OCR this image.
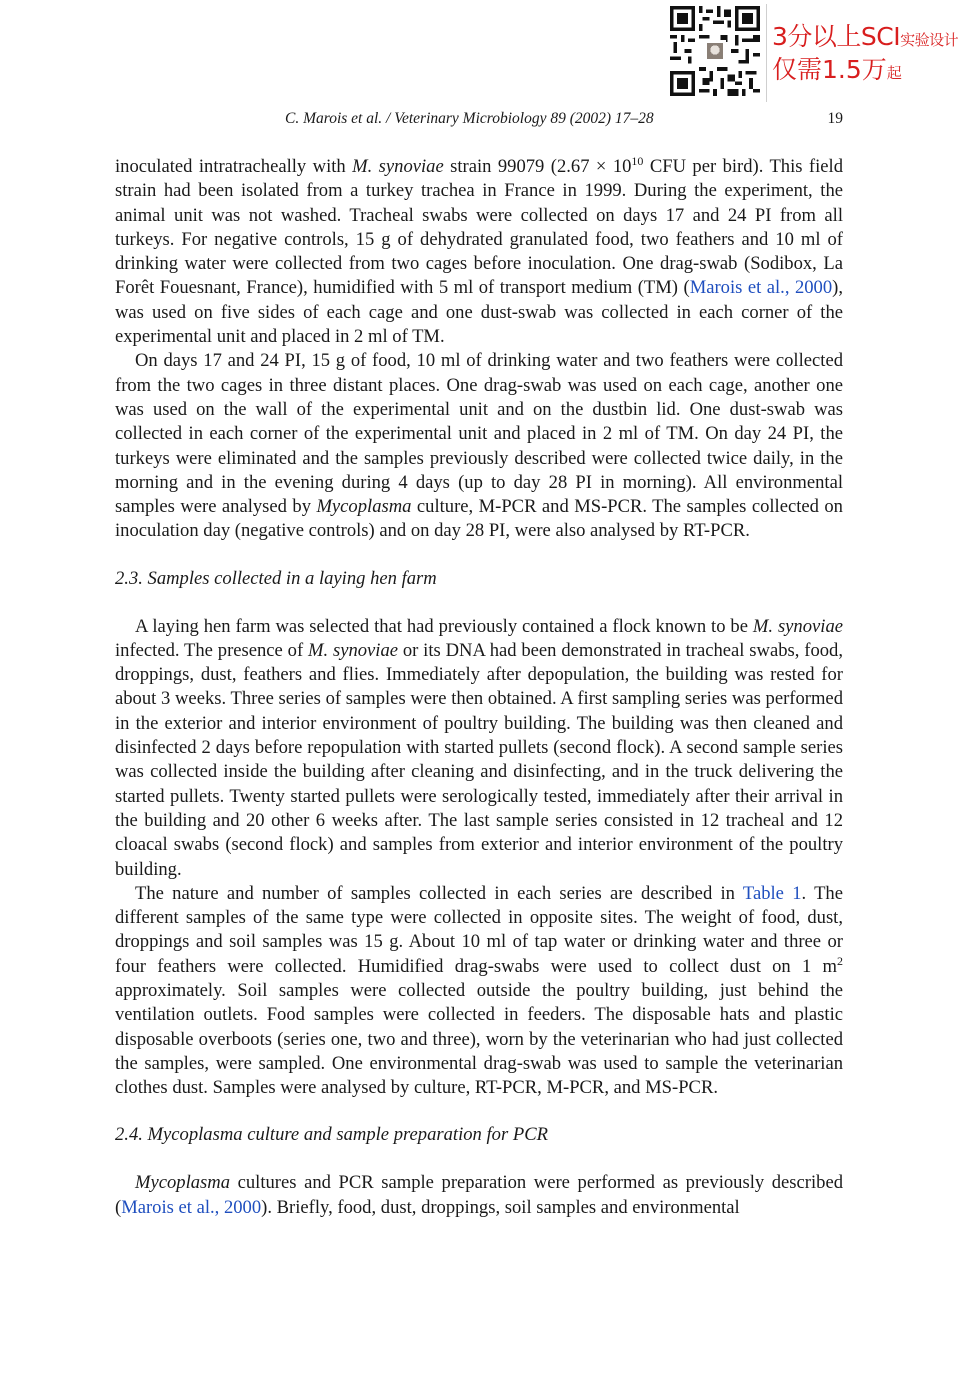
3分以上SCI实验设计
仅需1.5万起
C. Marois et al. / Veterinary Microbiology 89 (2002) 17–28	19

inoculated intratracheally with M. synoviae strain 99079 ($2.67 \times 10^{10}$ CFU per bird). This field strain had been isolated from a turkey trachea in France in 1999. During the experiment, the animal unit was not washed. Tracheal swabs were collected on days 17 and 24 PI from all turkeys. For negative controls, 15 g of dehydrated granulated food, two feathers and 10 ml of drinking water were collected from two cages before inoculation. One drag-swab (Sodibox, La Forêt Fouesnant, France), humidified with 5 ml of transport medium (TM) (Marois et al., 2000), was used on five sides of each cage and one dust-swab was collected in each corner of the experimental unit and placed in 2 ml of TM.

On days 17 and 24 PI, 15 g of food, 10 ml of drinking water and two feathers were collected from the two cages in three distant places. One drag-swab was used on each cage, another one was used on the wall of the experimental unit and on the dustbin lid. One dust-swab was collected in each corner of the experimental unit and placed in 2 ml of TM. On day 24 PI, the turkeys were eliminated and the samples previously described were collected twice daily, in the morning and in the evening during 4 days (up to day 28 PI in morning). All environmental samples were analysed by Mycoplasma culture, M-PCR and MS-PCR. The samples collected on inoculation day (negative controls) and on day 28 PI, were also analysed by RT-PCR.

2.3. Samples collected in a laying hen farm

A laying hen farm was selected that had previously contained a flock known to be M. synoviae infected. The presence of M. synoviae or its DNA had been demonstrated in tracheal swabs, food, droppings, dust, feathers and flies. Immediately after depopulation, the building was rested for about 3 weeks. Three series of samples were then obtained. A first sampling series was performed in the exterior and interior environment of poultry building. The building was then cleaned and disinfected 2 days before repopulation with started pullets (second flock). A second sample series was collected inside the building after cleaning and disinfecting, and in the truck delivering the started pullets. Twenty started pullets were serologically tested, immediately after their arrival in the building and 20 other 6 weeks after. The last sample series consisted in 12 tracheal and 12 cloacal swabs (second flock) and samples from exterior and interior environment of the poultry building.

The nature and number of samples collected in each series are described in Table 1. The different samples of the same type were collected in opposite sites. The weight of food, dust, droppings and soil samples was 15 g. About 10 ml of tap water or drinking water and three or four feathers were collected. Humidified drag-swabs were used to collect dust on 1 $m^2$ approximately. Soil samples were collected outside the poultry building, just behind the ventilation outlets. Food samples were collected in feeders. The disposable hats and plastic disposable overboots (series one, two and three), worn by the veterinarian who had just collected the samples, were sampled. One environmental drag-swab was used to sample the veterinarian clothes dust. Samples were analysed by culture, RT-PCR, M-PCR, and MS-PCR.

2.4. Mycoplasma culture and sample preparation for PCR

Mycoplasma cultures and PCR sample preparation were performed as previously described (Marois et al., 2000). Briefly, food, dust, droppings, soil samples and environmental
